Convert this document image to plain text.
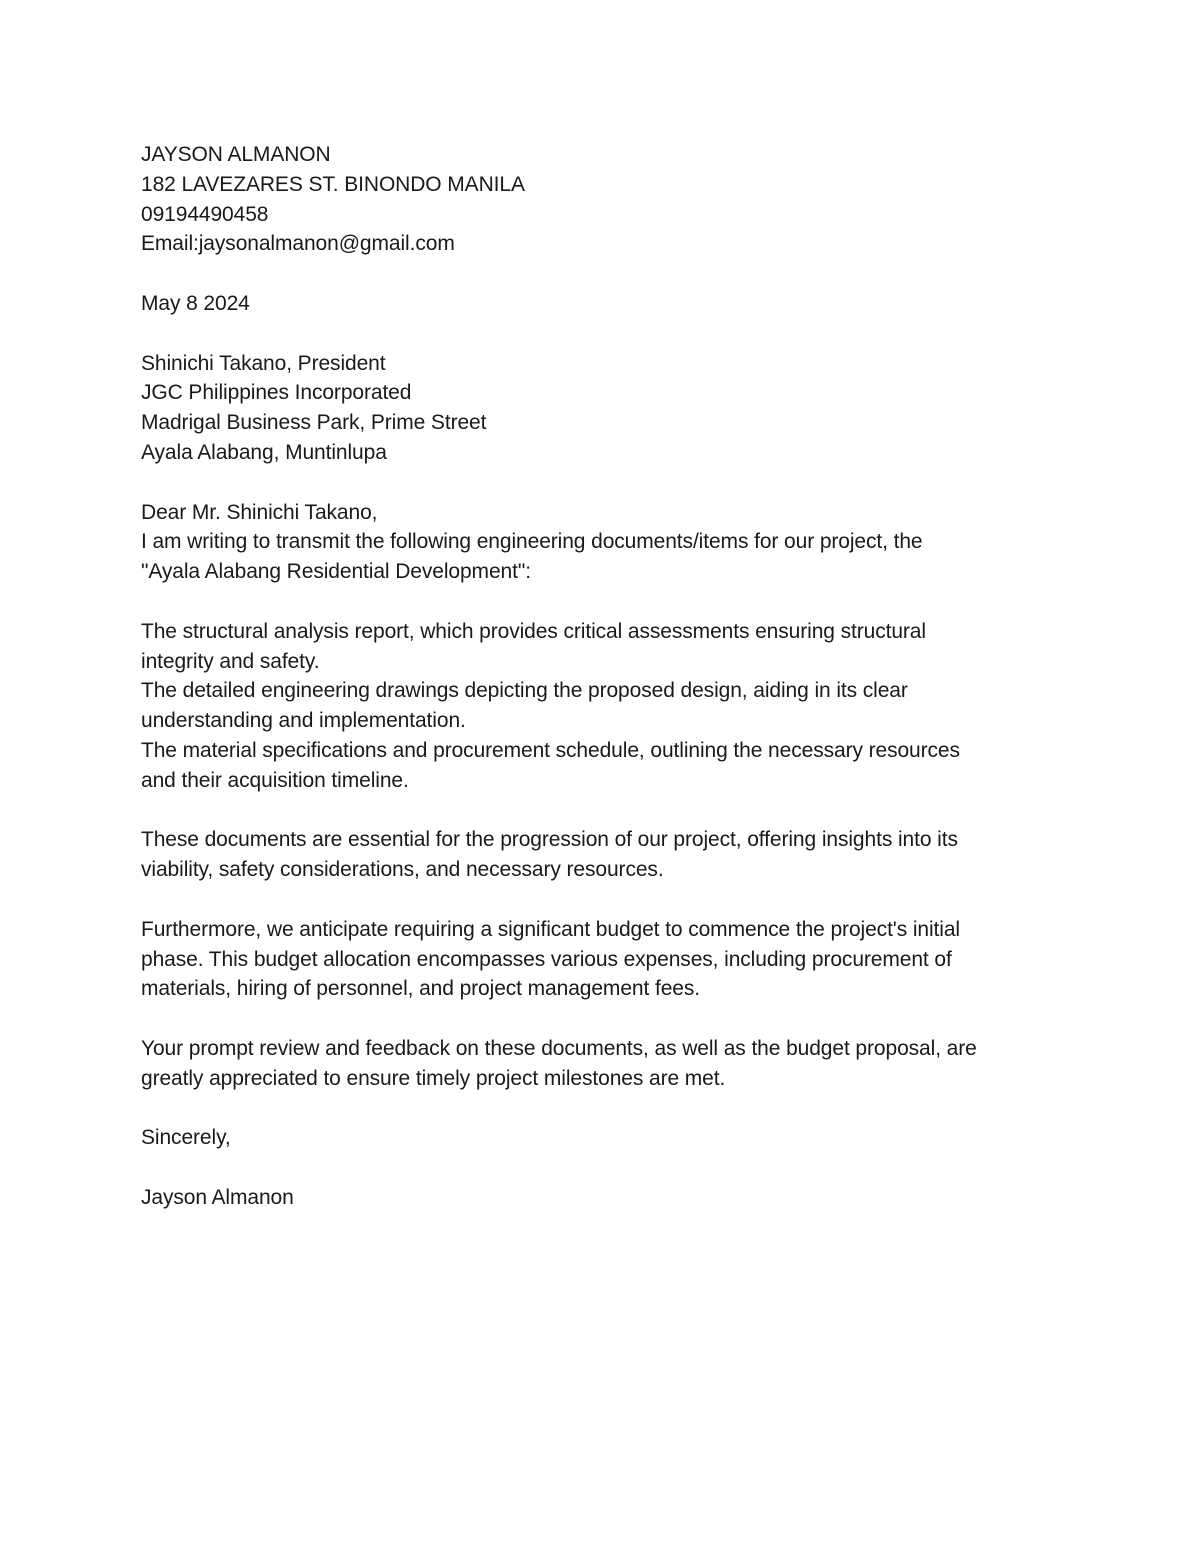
JAYSON ALMANON
182 LAVEZARES ST. BINONDO MANILA
09194490458
Email:jaysonalmanon@gmail.com
May 8 2024
Shinichi Takano, President
JGC Philippines Incorporated
Madrigal Business Park, Prime Street
Ayala Alabang, Muntinlupa
Dear Mr. Shinichi Takano,
I am writing to transmit the following engineering documents/items for our project, the
"Ayala Alabang Residential Development":
The structural analysis report, which provides critical assessments ensuring structural
integrity and safety.
The detailed engineering drawings depicting the proposed design, aiding in its clear
understanding and implementation.
The material specifications and procurement schedule, outlining the necessary resources
and their acquisition timeline.
These documents are essential for the progression of our project, offering insights into its
viability, safety considerations, and necessary resources.
Furthermore, we anticipate requiring a significant budget to commence the project's initial
phase. This budget allocation encompasses various expenses, including procurement of
materials, hiring of personnel, and project management fees.
Your prompt review and feedback on these documents, as well as the budget proposal, are
greatly appreciated to ensure timely project milestones are met.
Sincerely,
Jayson Almanon
